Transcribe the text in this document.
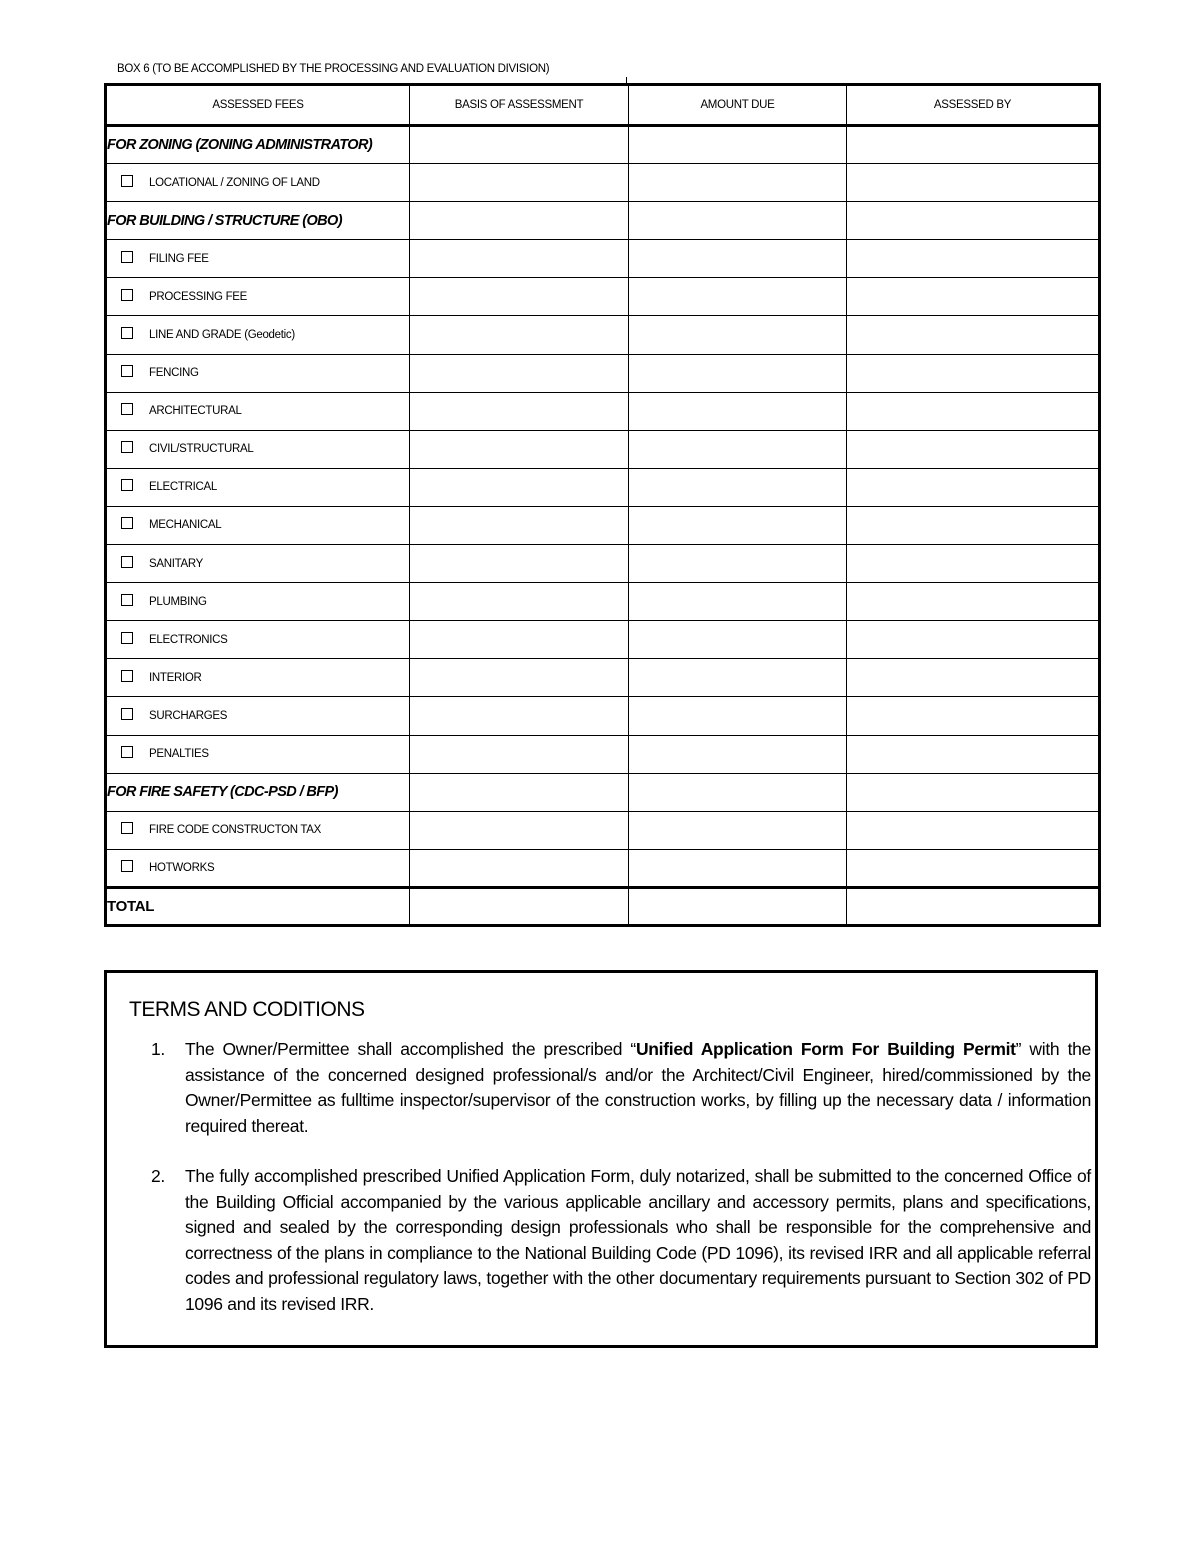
BOX 6 (TO BE ACCOMPLISHED BY THE PROCESSING AND EVALUATION DIVISION)
ASSESSED FEES	BASIS OF ASSESSMENT	AMOUNT DUE	ASSESSED BY
FOR ZONING (ZONING ADMINISTRATOR)			

LOCATIONAL / ZONING OF LAND			

FOR BUILDING / STRUCTURE (OBO)			

FILING FEE			

PROCESSING FEE			

LINE AND GRADE (Geodetic)			

FENCING			

ARCHITECTURAL			

CIVIL/STRUCTURAL			

ELECTRICAL			

MECHANICAL			

SANITARY			

PLUMBING			

ELECTRONICS			

INTERIOR			

SURCHARGES			

PENALTIES			

FOR FIRE SAFETY (CDC-PSD / BFP)			

FIRE CODE CONSTRUCTON TAX			

HOTWORKS			

TOTAL			
TERMS AND CODITIONS
1. The Owner/Permittee shall accomplished the prescribed “Unified Application Form For Building Permit” with the assistance of the concerned designed professional/s and/or the Architect/Civil Engineer, hired/commissioned by the Owner/Permittee as fulltime inspector/supervisor of the construction works, by filling up the necessary data / information required thereat.
2. The fully accomplished prescribed Unified Application Form, duly notarized, shall be submitted to the concerned Office of the Building Official accompanied by the various applicable ancillary and accessory permits, plans and specifications, signed and sealed by the corresponding design professionals who shall be responsible for the comprehensive and correctness of the plans in compliance to the National Building Code (PD 1096), its revised IRR and all applicable referral codes and professional regulatory laws, together with the other documentary requirements pursuant to Section 302 of PD 1096 and its revised IRR.
